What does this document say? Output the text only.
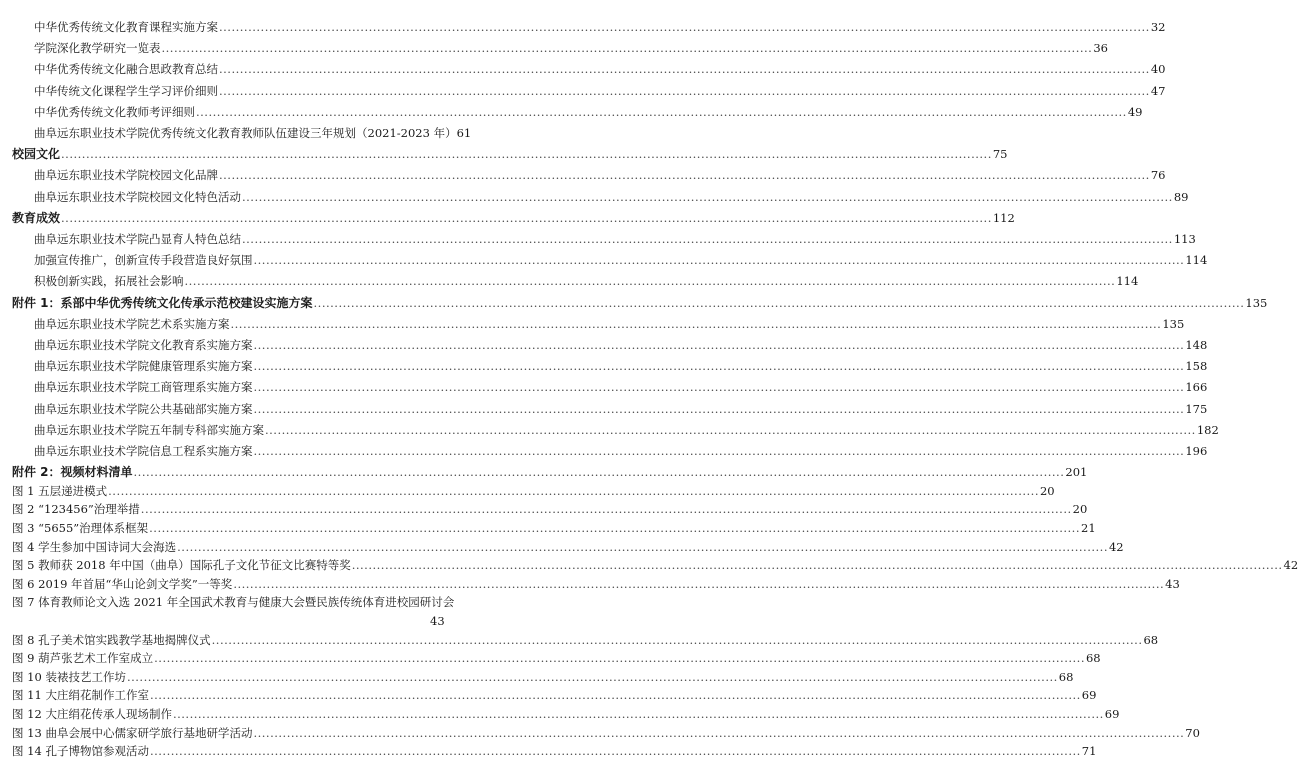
中华优秀传统文化教育课程实施方案 .....	32
学院深化教学研究一览表 .....	36
中华优秀传统文化融合思政教育总结 .....	40
中华传统文化课程学生学习评价细则 .....	47
中华优秀传统文化教师考评细则 .....	49
曲阜远东职业技术学院优秀传统文化教育教师队伍建设三年规划（2021-2023 年） 61
校园文化 .....	75
曲阜远东职业技术学院校园文化品牌 .....	76
曲阜远东职业技术学院校园文化特色活动 .....	89
教育成效 .....	112
曲阜远东职业技术学院凸显育人特色总结 .....	113
加强宣传推广，创新宣传手段营造良好氛围 .....	114
积极创新实践，拓展社会影响 .....	114
附件 1：系部中华优秀传统文化传承示范校建设实施方案 .....	135
曲阜远东职业技术学院艺术系实施方案 .....	135
曲阜远东职业技术学院文化教育系实施方案 .....	148
曲阜远东职业技术学院健康管理系实施方案 .....	158
曲阜远东职业技术学院工商管理系实施方案 .....	166
曲阜远东职业技术学院公共基础部实施方案 .....	175
曲阜远东职业技术学院五年制专科部实施方案 .....	182
曲阜远东职业技术学院信息工程系实施方案 .....	196
附件 2：视频材料清单 .....	201
图 1 五层递进模式 .....	20
图 2 “123456”治理举措 .....	20
图 3 “5655”治理体系框架 .....	21
图 4 学生参加中国诗词大会海选 .....	42
图 5 教师获 2018 年中国（曲阜）国际孔子文化节征文比赛特等奖 .....	42
图 6 2019 年首届“华山论剑文学奖”一等奖 .....	43
图 7 体育教师论文入选 2021 年全国武术教育与健康大会暨民族传统体育进校园研讨会
43
图 8 孔子美术馆实践教学基地揭牌仪式 .....	68
图 9 葫芦张艺术工作室成立 .....	68
图 10 装裱技艺工作坊 .....	68
图 11 大庄绢花制作工作室 .....	69
图 12 大庄绢花传承人现场制作 .....	69
图 13 曲阜会展中心儒家研学旅行基地研学活动 .....	70
图 14 孔子博物馆参观活动 .....	71
